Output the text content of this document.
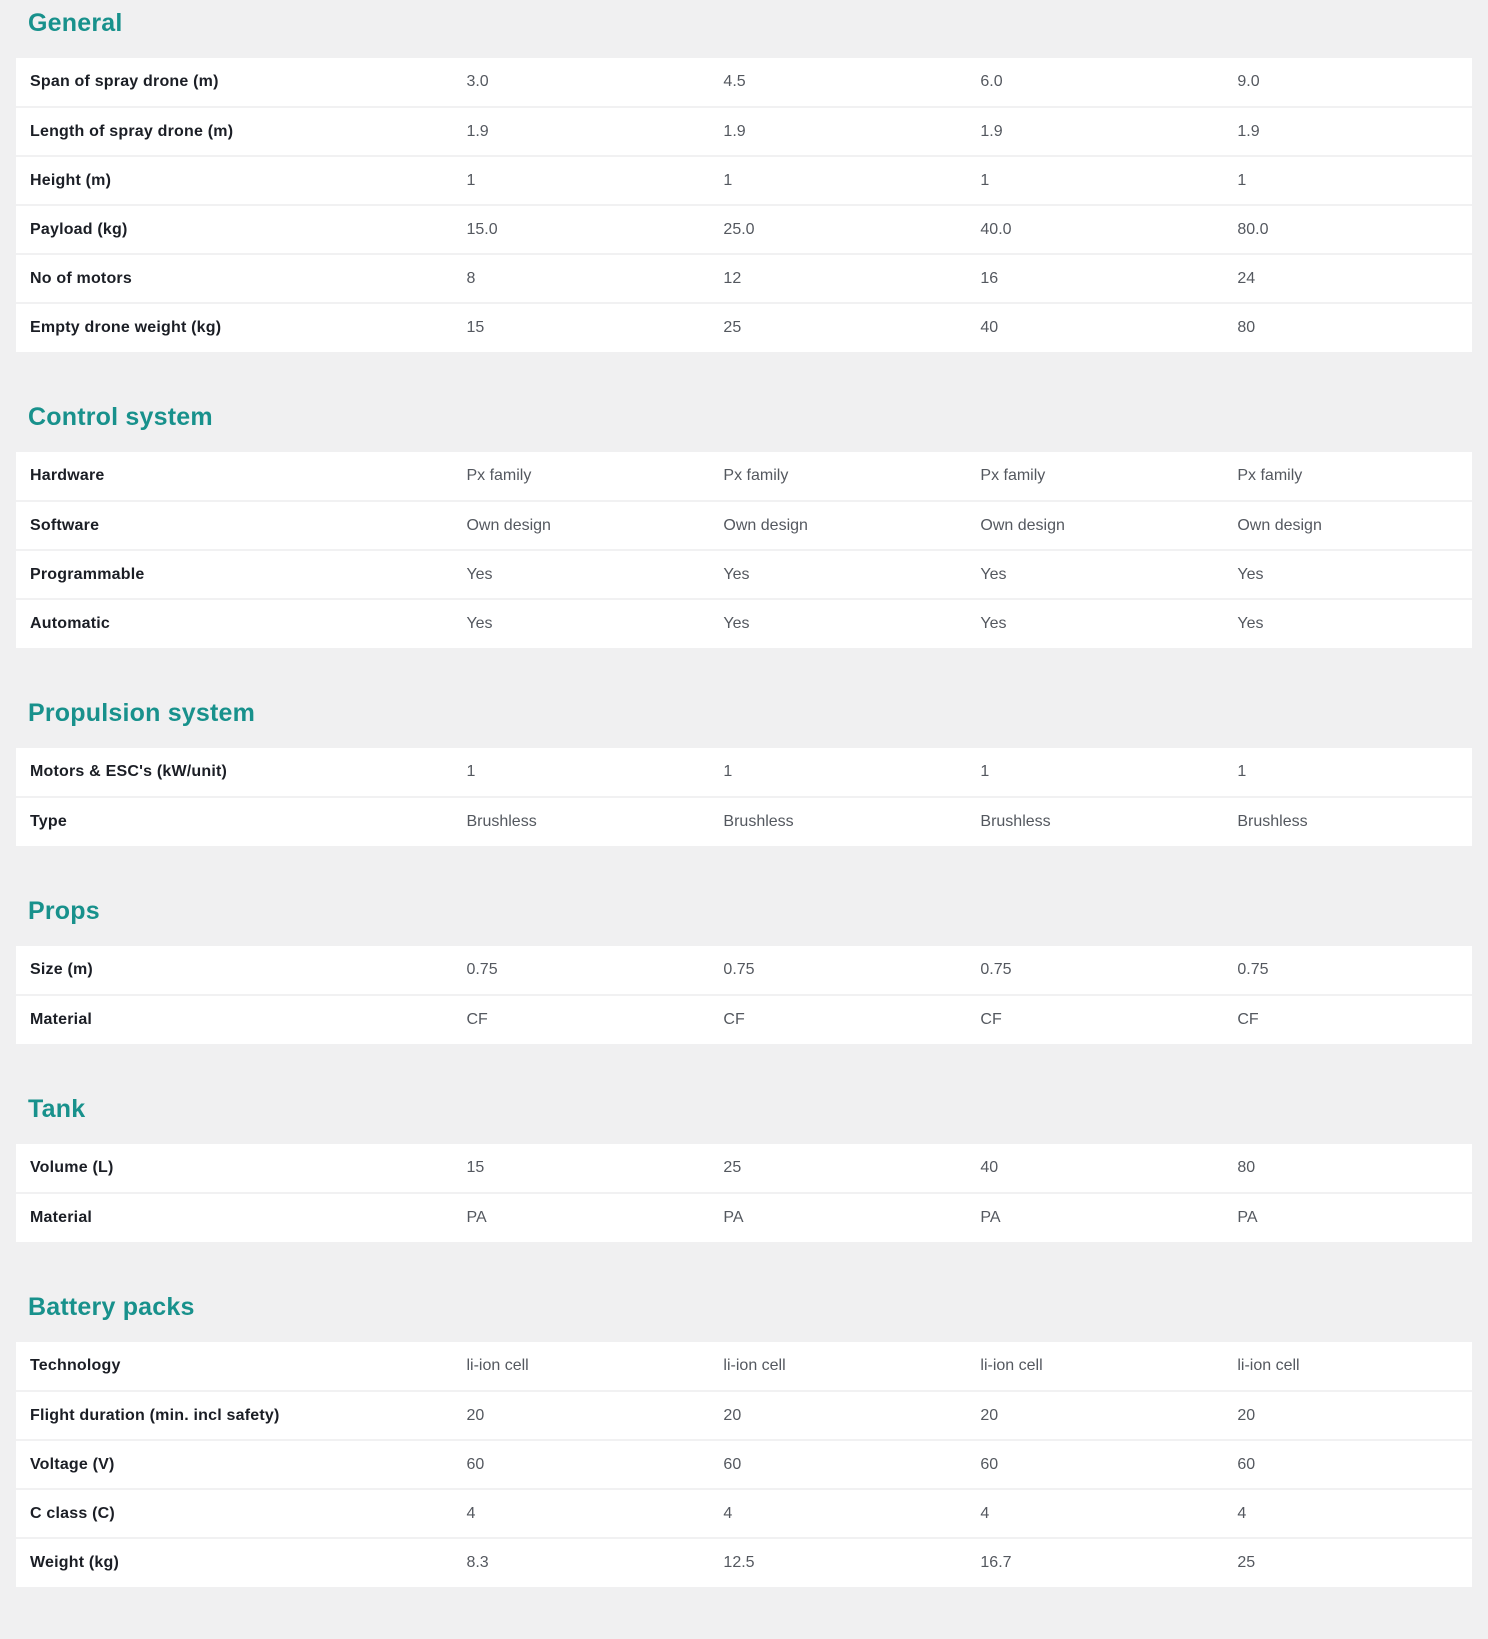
General
Span of spray drone (m)	3.0	4.5	6.0	9.0
Length of spray drone (m)	1.9	1.9	1.9	1.9
Height (m)	1	1	1	1
Payload (kg)	15.0	25.0	40.0	80.0
No of motors	8	12	16	24
Empty drone weight (kg)	15	25	40	80
Control system
Hardware	Px family	Px family	Px family	Px family
Software	Own design	Own design	Own design	Own design
Programmable	Yes	Yes	Yes	Yes
Automatic	Yes	Yes	Yes	Yes
Propulsion system
Motors & ESC's (kW/unit)	1	1	1	1
Type	Brushless	Brushless	Brushless	Brushless
Props
Size (m)	0.75	0.75	0.75	0.75
Material	CF	CF	CF	CF
Tank
Volume (L)	15	25	40	80
Material	PA	PA	PA	PA
Battery packs
Technology	li-ion cell	li-ion cell	li-ion cell	li-ion cell
Flight duration (min. incl safety)	20	20	20	20
Voltage (V)	60	60	60	60
C class (C)	4	4	4	4
Weight (kg)	8.3	12.5	16.7	25
